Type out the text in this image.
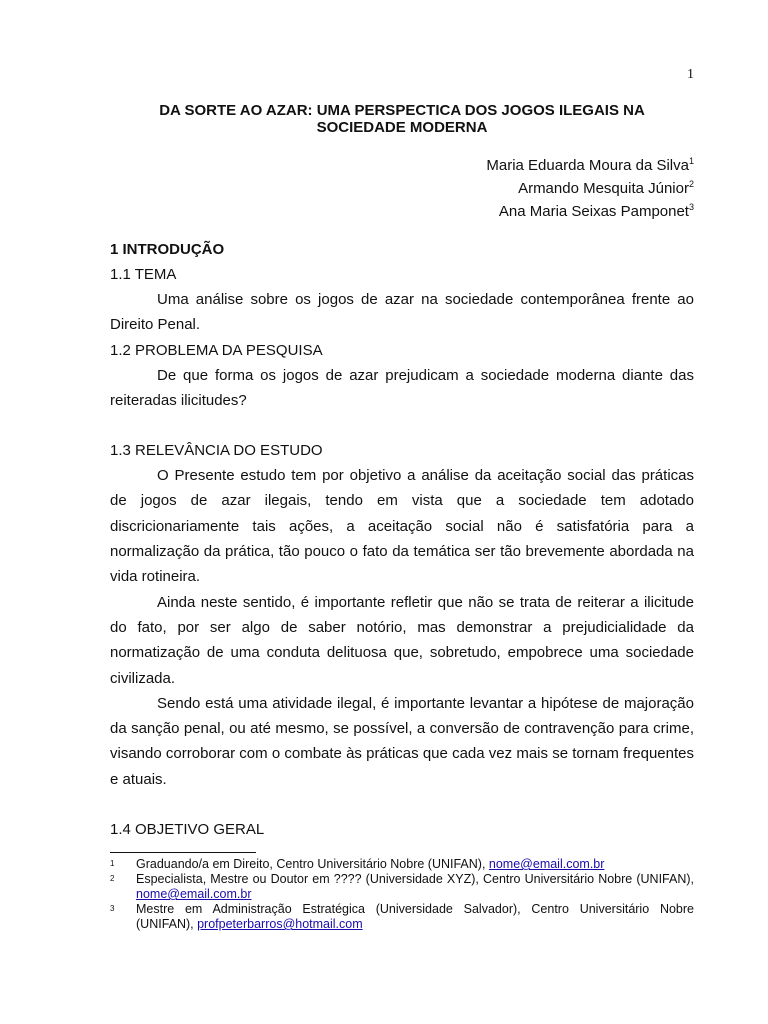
1
DA SORTE AO AZAR: UMA PERSPECTICA DOS JOGOS ILEGAIS NA
SOCIEDADE MODERNA
Maria Eduarda Moura da Silva$^1$
Armando Mesquita Júnior$^2$
Ana Maria Seixas Pamponet$^3$
1 INTRODUÇÃO
1.1 TEMA

Uma análise sobre os jogos de azar na sociedade contemporânea frente ao Direito Penal.

1.2 PROBLEMA DA PESQUISA

De que forma os jogos de azar prejudicam a sociedade moderna diante das reiteradas ilicitudes?

1.3 RELEVÂNCIA DO ESTUDO

O Presente estudo tem por objetivo a análise da aceitação social das práticas de jogos de azar ilegais, tendo em vista que a sociedade tem adotado discricionariamente tais ações, a aceitação social não é satisfatória para a normalização da prática, tão pouco o fato da temática ser tão brevemente abordada na vida rotineira.

Ainda neste sentido, é importante refletir que não se trata de reiterar a ilicitude do fato, por ser algo de saber notório, mas demonstrar a prejudicialidade da normatização de uma conduta delituosa que, sobretudo, empobrece uma sociedade civilizada.

Sendo está uma atividade ilegal, é importante levantar a hipótese de majoração da sanção penal, ou até mesmo, se possível, a conversão de contravenção para crime, visando corroborar com o combate às práticas que cada vez mais se tornam frequentes e atuais.

1.4 OBJETIVO GERAL
1 Graduando/a em Direito, Centro Universitário Nobre (UNIFAN), nome@email.com.br
2 Especialista, Mestre ou Doutor em ???? (Universidade XYZ), Centro Universitário Nobre (UNIFAN), nome@email.com.br
3 Mestre em Administração Estratégica (Universidade Salvador), Centro Universitário Nobre (UNIFAN), profpeterbarros@hotmail.com
